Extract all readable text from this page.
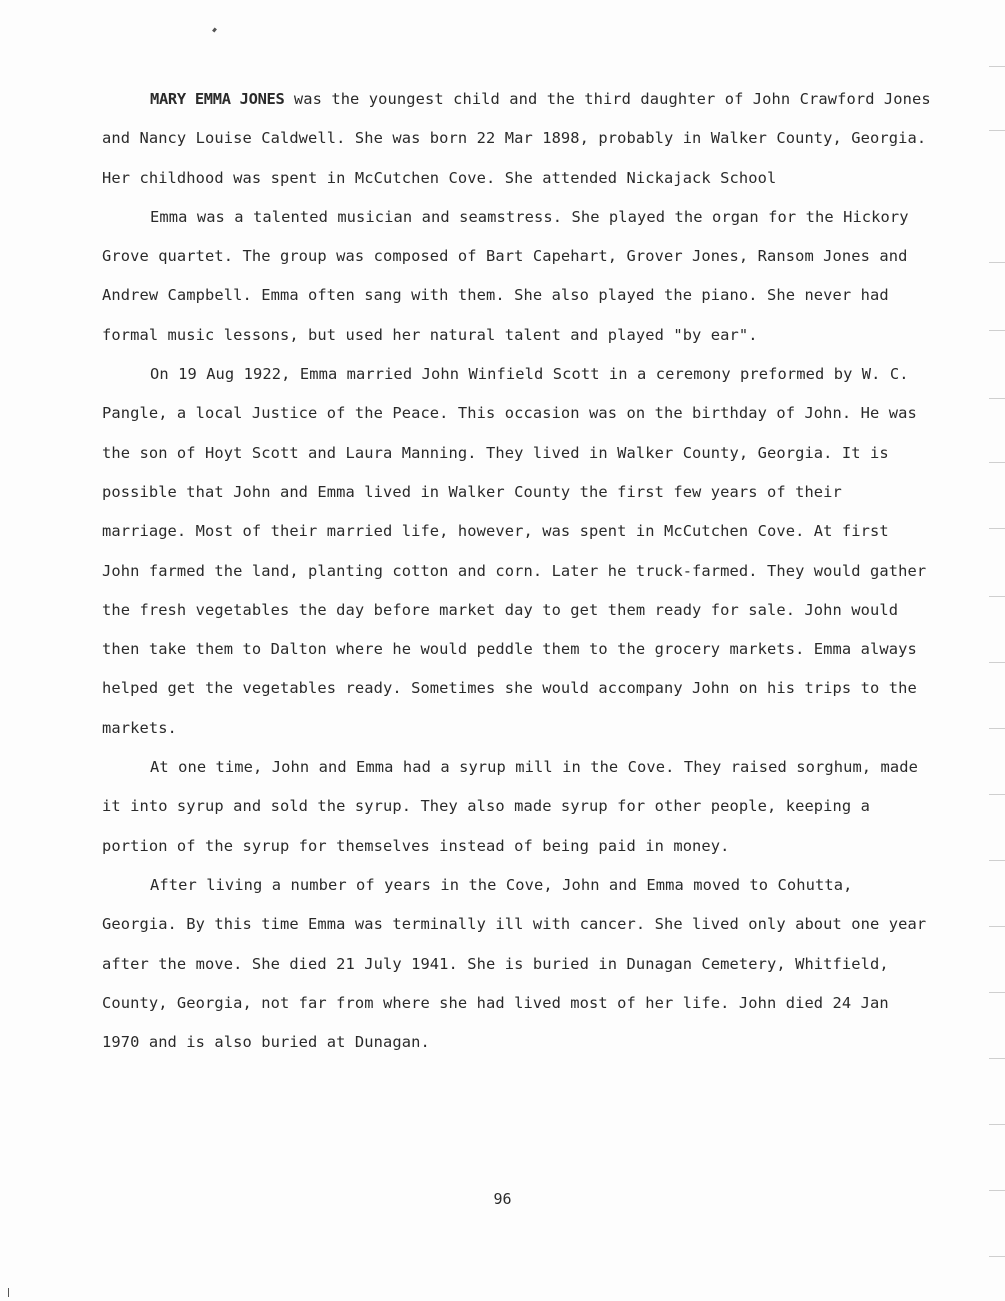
MARY EMMA JONES was the youngest child and the third daughter of John Crawford Jones and Nancy Louise Caldwell. She was born 22 Mar 1898, probably in Walker County, Georgia. Her childhood was spent in McCutchen Cove. She attended Nickajack School

Emma was a talented musician and seamstress. She played the organ for the Hickory Grove quartet. The group was composed of Bart Capehart, Grover Jones, Ransom Jones and Andrew Campbell. Emma often sang with them. She also played the piano. She never had formal music lessons, but used her natural talent and played "by ear".

On 19 Aug 1922, Emma married John Winfield Scott in a ceremony preformed by W. C. Pangle, a local Justice of the Peace. This occasion was on the birthday of John. He was the son of Hoyt Scott and Laura Manning. They lived in Walker County, Georgia. It is possible that John and Emma lived in Walker County the first few years of their marriage. Most of their married life, however, was spent in McCutchen Cove. At first John farmed the land, planting cotton and corn. Later he truck-farmed. They would gather the fresh vegetables the day before market day to get them ready for sale. John would then take them to Dalton where he would peddle them to the grocery markets. Emma always helped get the vegetables ready. Sometimes she would accompany John on his trips to the markets.

At one time, John and Emma had a syrup mill in the Cove. They raised sorghum, made it into syrup and sold the syrup. They also made syrup for other people, keeping a portion of the syrup for themselves instead of being paid in money.

After living a number of years in the Cove, John and Emma moved to Cohutta, Georgia. By this time Emma was terminally ill with cancer. She lived only about one year after the move. She died 21 July 1941. She is buried in Dunagan Cemetery, Whitfield, County, Georgia, not far from where she had lived most of her life. John died 24 Jan 1970 and is also buried at Dunagan.

96
